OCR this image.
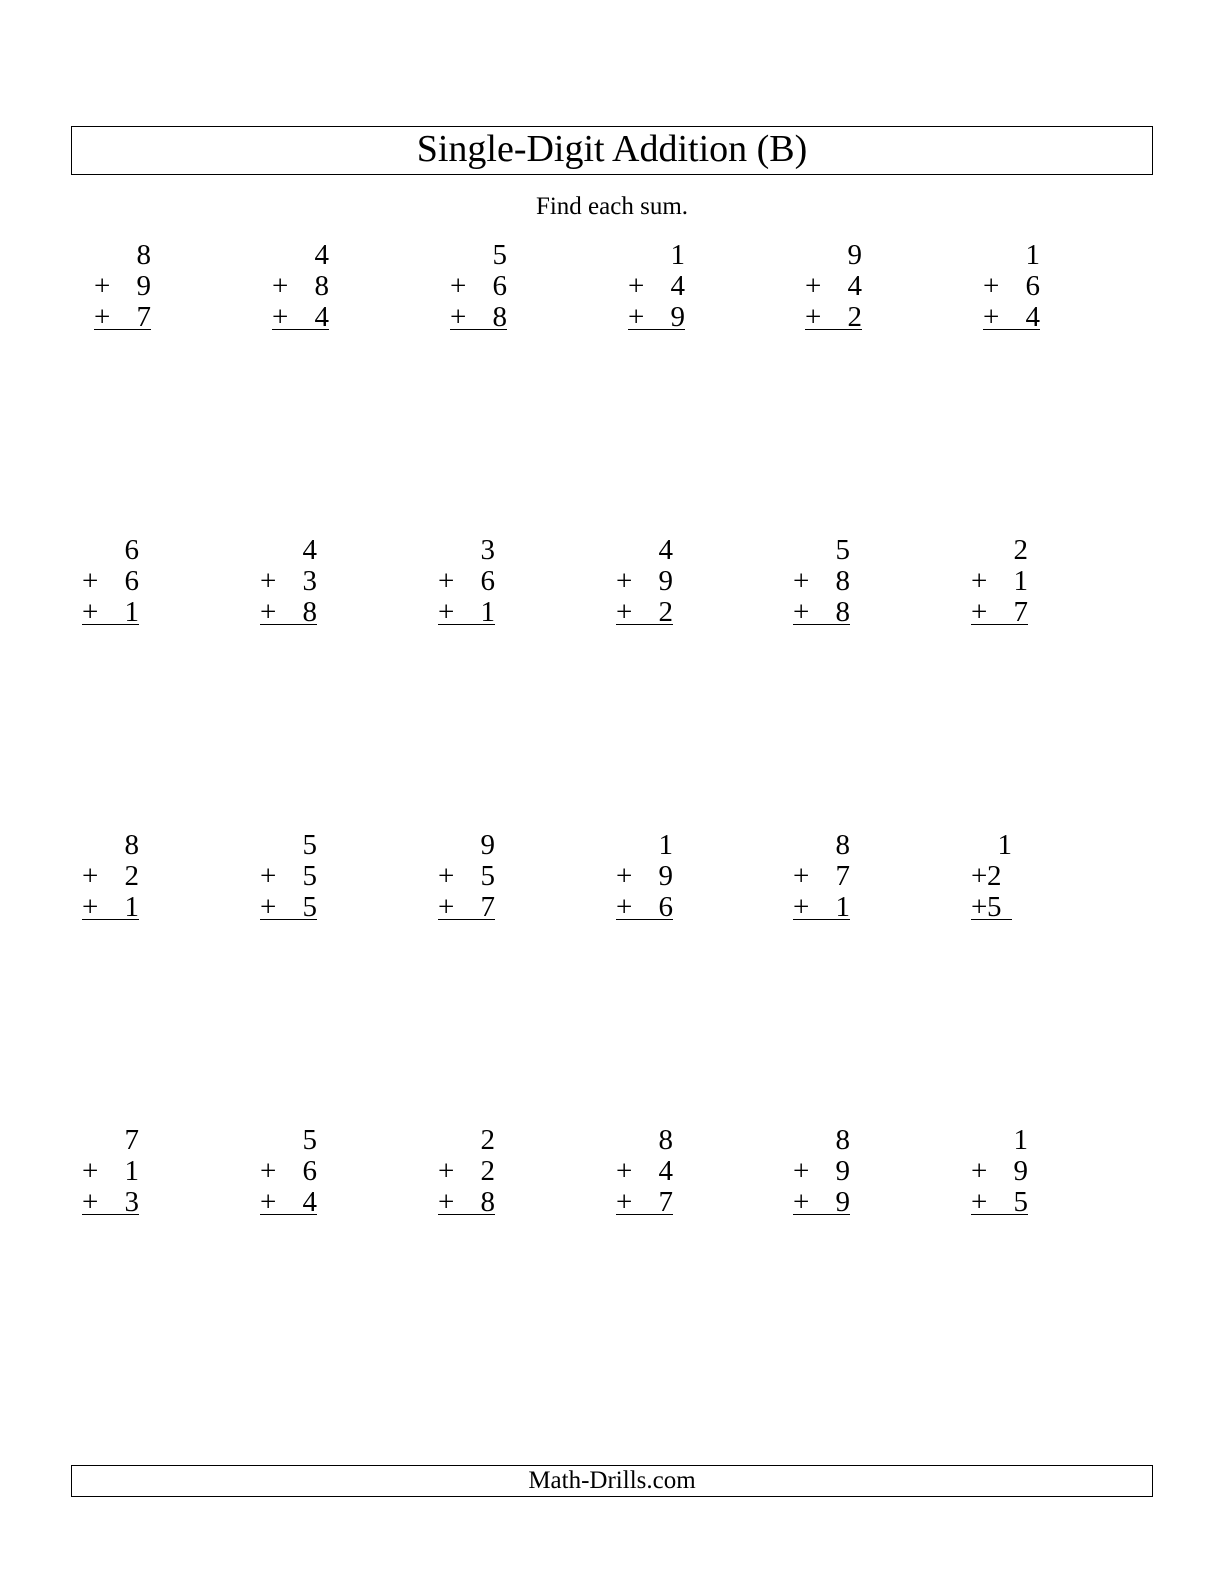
Single-Digit Addition (B)
Find each sum.
8
+ 9
+ 7
4
+ 8
+ 4
5
+ 6
+ 8
1
+ 4
+ 9
9
+ 4
+ 2
1
+ 6
+ 4
6
+ 6
+ 1
4
+ 3
+ 8
3
+ 6
+ 1
4
+ 9
+ 2
5
+ 8
+ 8
2
+ 1
+ 7
8
+ 2
+ 1
5
+ 5
+ 5
9
+ 5
+ 7
1
+ 9
+ 6
8
+ 7
+ 1
1
+ 2
+ 5
7
+ 1
+ 3
5
+ 6
+ 4
2
+ 2
+ 8
8
+ 4
+ 7
8
+ 9
+ 9
1
+ 9
+ 5
Math-Drills.com
